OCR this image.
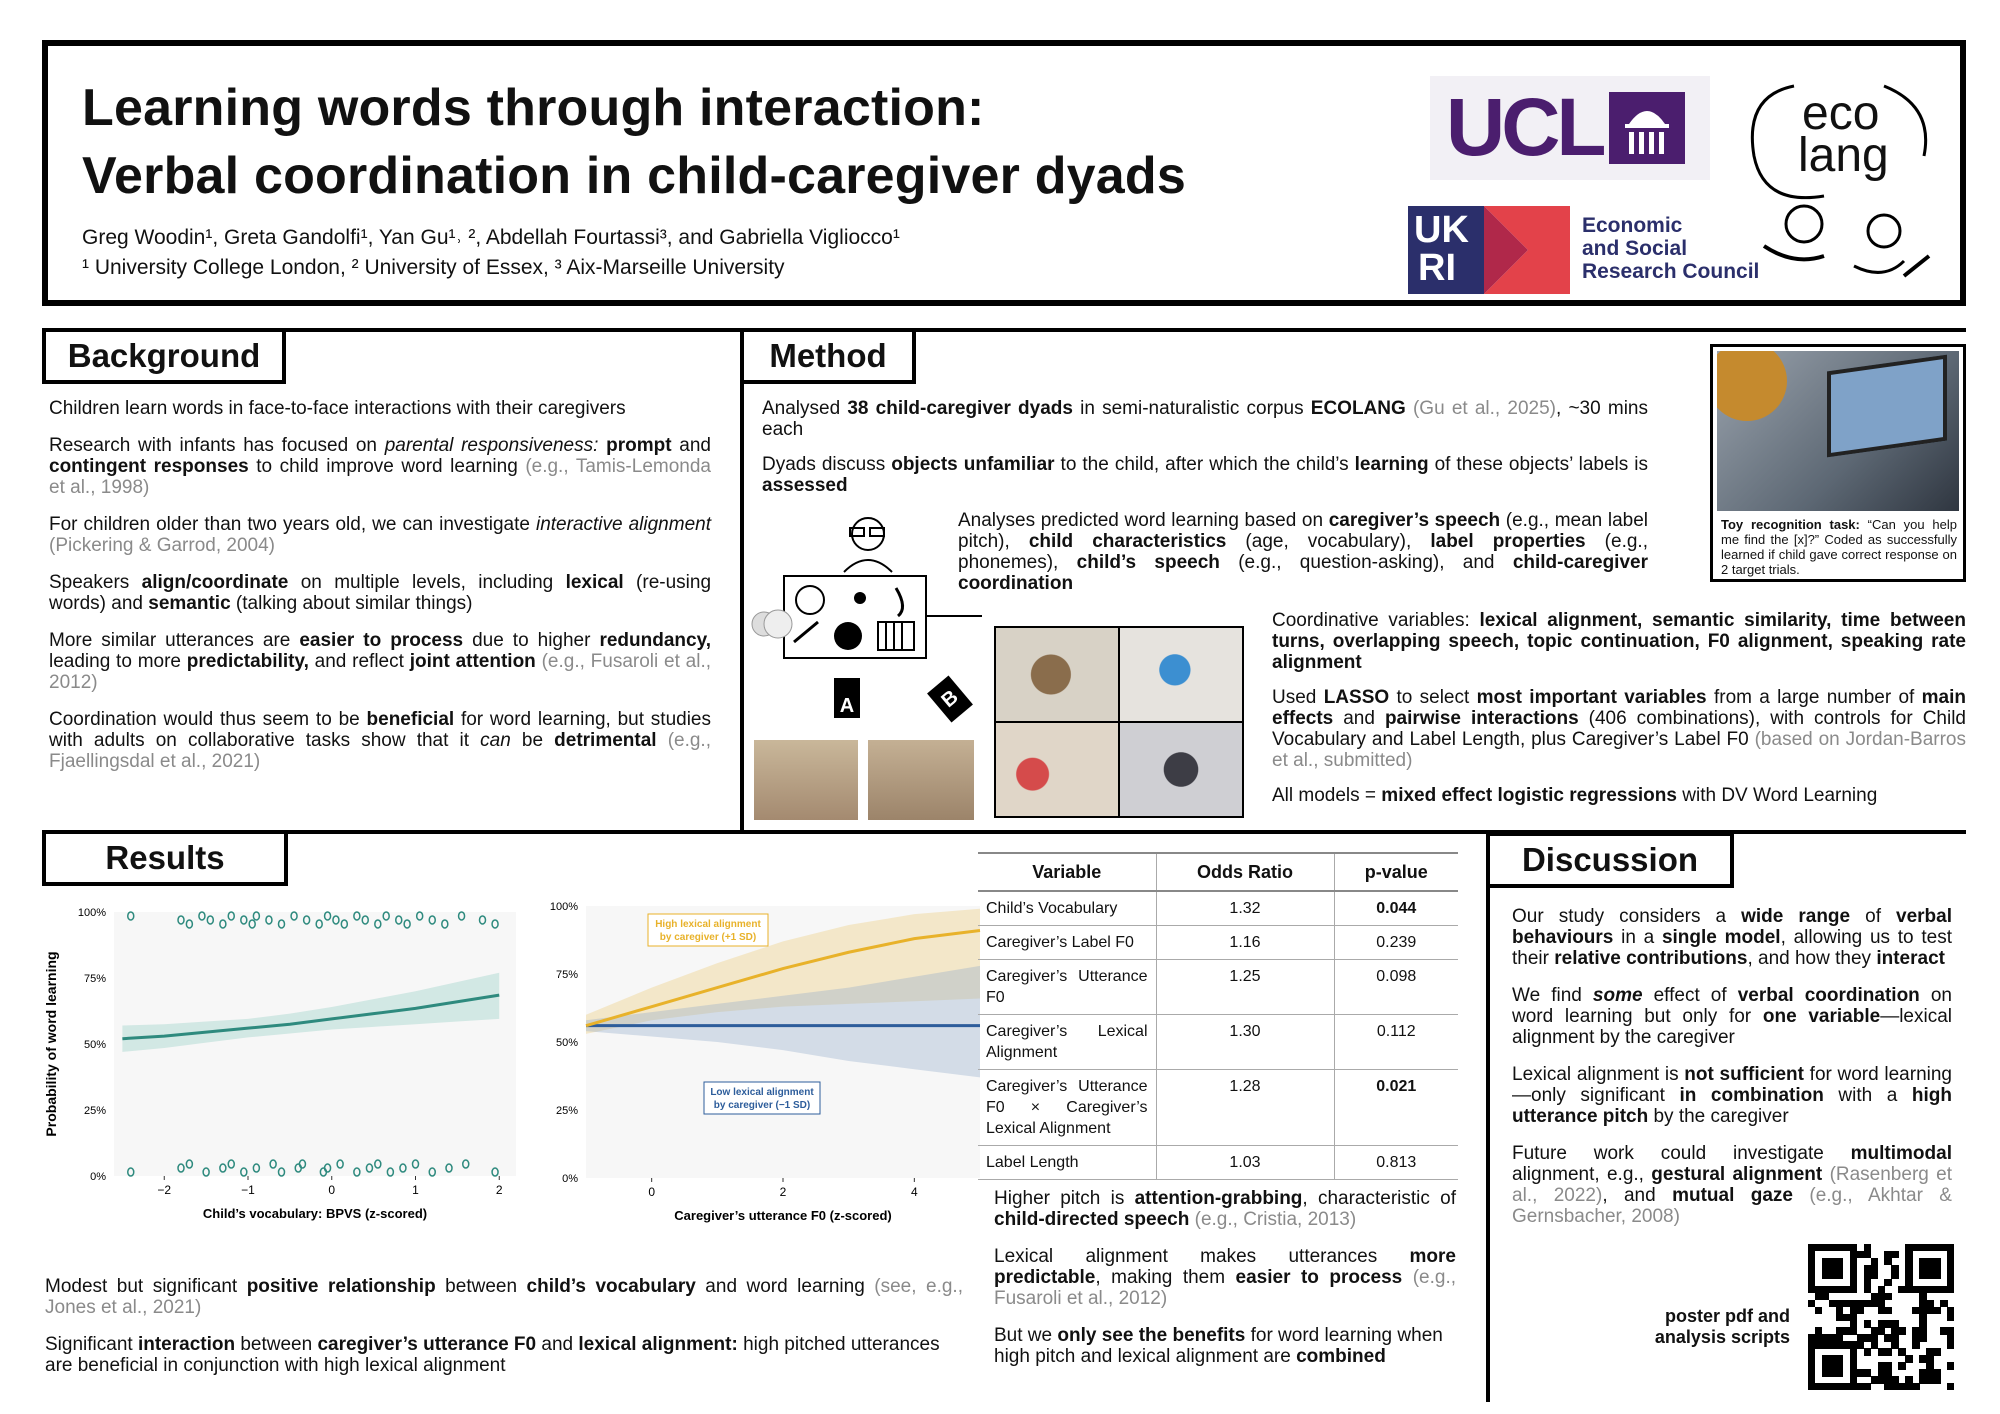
Learning words through interaction:
Verbal coordination in child-caregiver dyads
Greg Woodin¹, Greta Gandolfi¹, Yan Gu¹˒ ², Abdellah Fourtassi³, and Gabriella Vigliocco¹
¹ University College London, ² University of Essex, ³ Aix-Marseille University
UCL	eco
lang
UK
RI
Economic
and Social
Research Council
Background

Children learn words in face-to-face interactions with their caregivers

Research with infants has focused on parental responsiveness: prompt and contingent responses to child improve word learning (e.g., Tamis-Lemonda et al., 1998)

For children older than two years old, we can investigate interactive alignment (Pickering & Garrod, 2004)

Speakers align/coordinate on multiple levels, including lexical (re-using words) and semantic (talking about similar things)

More similar utterances are easier to process due to higher redundancy, leading to more predictability, and reflect joint attention (e.g., Fusaroli et al., 2012)

Coordination would thus seem to be beneficial for word learning, but studies with adults on collaborative tasks show that it can be detrimental (e.g., Fjaellingsdal et al., 2021)

Method

Analysed 38 child-caregiver dyads in semi-naturalistic corpus ECOLANG (Gu et al., 2025), ~30 mins each

Dyads discuss objects unfamiliar to the child, after which the child’s learning of these objects’ labels is assessed

Analyses predicted word learning based on caregiver’s speech (e.g., mean label pitch), child characteristics (age, vocabulary), label properties (e.g., phonemes), child’s speech (e.g., question-asking), and child-caregiver coordination

Coordinative variables: lexical alignment, semantic similarity, time between turns, overlapping speech, topic continuation, F0 alignment, speaking rate alignment

Used LASSO to select most important variables from a large number of main effects and pairwise interactions (406 combinations), with controls for Child Vocabulary and Label Length, plus Caregiver’s Label F0 (based on Jordan-Barros et al., submitted)

All models = mixed effect logistic regressions with DV Word Learning

Toy recognition task: “Can you help me find the [x]?” Coded as successfully learned if child gave correct response on 2 target trials.
A	B
Results
100%
75%
50%
25%
0%
−2	−1	0	1	2
Child’s vocabulary: BPVS (z-scored)
Probability of word learning
100%
75%
50%
25%
0%
0	2	4
Caregiver’s utterance F0 (z-scored)
High lexical alignment
by caregiver (+1 SD)
Low lexical alignment
by caregiver (−1 SD)

Modest but significant positive relationship between child’s vocabulary and word learning (see, e.g., Jones et al., 2021)

Significant interaction between caregiver’s utterance F0 and lexical alignment: high pitched utterances are beneficial in conjunction with high lexical alignment

Variable	Odds Ratio	p-value
Child’s Vocabulary	1.32	0.044
Caregiver’s Label F0	1.16	0.239
Caregiver’s Utterance F0	1.25	0.098
Caregiver’s Lexical Alignment	1.30	0.112
Caregiver’s Utterance F0 × Caregiver’s Lexical Alignment	1.28	0.021
Label Length	1.03	0.813

Higher pitch is attention-grabbing, characteristic of child-directed speech (e.g., Cristia, 2013)

Lexical alignment makes utterances more predictable, making them easier to process (e.g., Fusaroli et al., 2012)

But we only see the benefits for word learning when high pitch and lexical alignment are combined

Discussion

Our study considers a wide range of verbal behaviours in a single model, allowing us to test their relative contributions, and how they interact

We find some effect of verbal coordination on word learning but only for one variable—lexical alignment by the caregiver

Lexical alignment is not sufficient for word learning—only significant in combination with a high utterance pitch by the caregiver

Future work could investigate multimodal alignment, e.g., gestural alignment (Rasenberg et al., 2022), and mutual gaze (e.g., Akhtar & Gernsbacher, 2008)

poster pdf and
analysis scripts
